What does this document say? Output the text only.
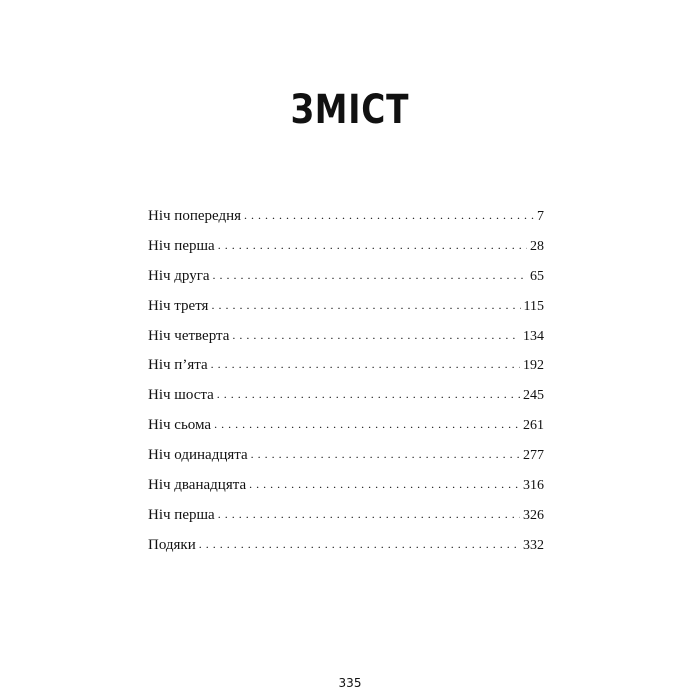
ЗМІСТ
Ніч попередня . . .	7
Ніч перша . . .	28
Ніч друга . . .	65
Ніч третя . . .	115
Ніч четверта . . .	134
Ніч п’ята . . .	192
Ніч шоста . . .	245
Ніч сьома . . .	261
Ніч одинадцята . . .	277
Ніч дванадцята . . .	316
Ніч перша . . .	326
Подяки . . .	332
335
